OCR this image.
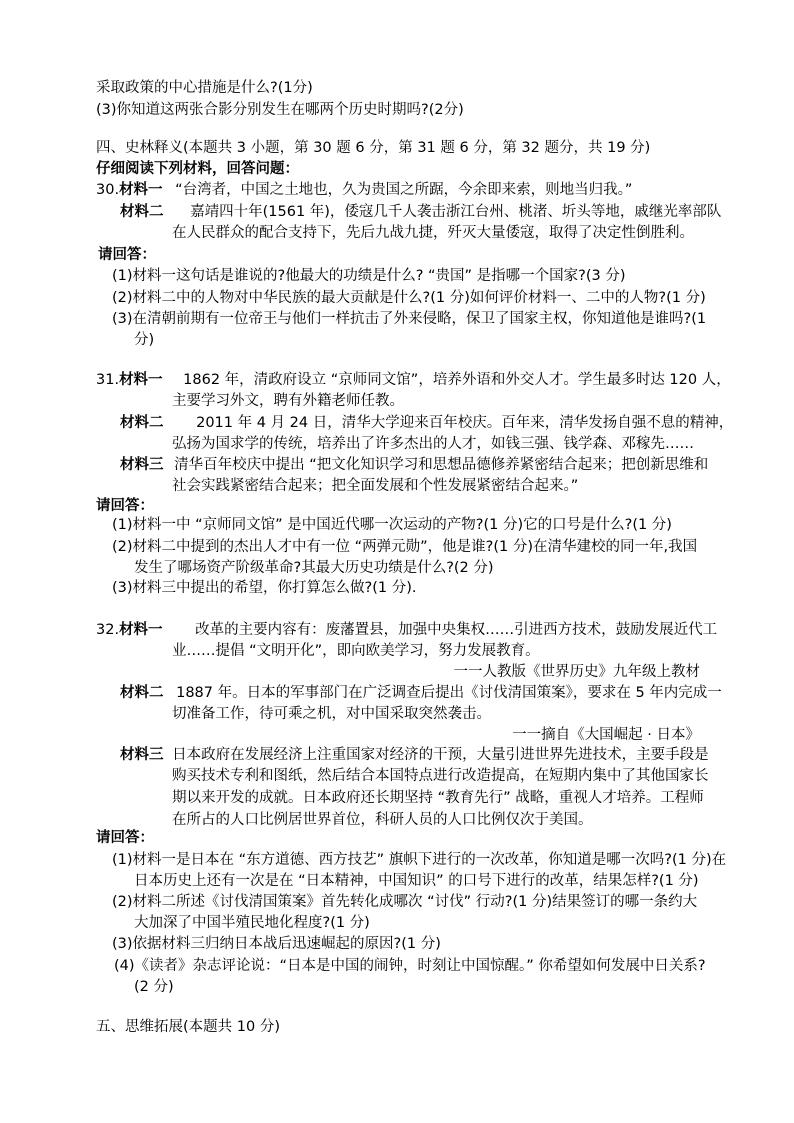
采取政策的中心措施是什么?(1分)
(3)你知道这两张合影分别发生在哪两个历史时期吗?(2分)
四、史林释义(本题共 3 小题，第 30 题 6 分，第 31 题 6 分，第 32 题分，共 19 分)
仔细阅读下列材料，回答问题：
30.材料一 “台湾者，中国之土地也，久为贵国之所踞，今余即来索，则地当归我。”
材料二 嘉靖四十年(1561 年)，倭寇几千人袭击浙江台州、桃渚、圻头等地，戚继光率部队
在人民群众的配合支持下，先后九战九捷，歼灭大量倭寇，取得了决定性倒胜利。
请回答：
(1)材料一这句话是谁说的?他最大的功绩是什么? “贵国” 是指哪一个国家?(3 分)
(2)材料二中的人物对中华民族的最大贡献是什么?(1 分)如何评价材料一、二中的人物?(1 分)
(3)在清朝前期有一位帝王与他们一样抗击了外来侵略，保卫了国家主权，你知道他是谁吗?(1
分)
31.材料一 1862 年，清政府设立 “京师同文馆”，培养外语和外交人才。学生最多时达 120 人，
主要学习外文，聘有外籍老师任教。
材料二 2011 年 4 月 24 日，清华大学迎来百年校庆。百年来，清华发扬自强不息的精神，
弘扬为国求学的传统，培养出了许多杰出的人才，如钱三强、钱学森、邓稼先……
材料三 清华百年校庆中提出 “把文化知识学习和思想品德修养紧密结合起来；把创新思维和
社会实践紧密结合起来；把全面发展和个性发展紧密结合起来。”
请回答：
(1)材料一中 “京师同文馆” 是中国近代哪一次运动的产物?(1 分)它的口号是什么?(1 分)
(2)材料二中提到的杰出人才中有一位 “两弹元勋”，他是谁?(1 分)在清华建校的同一年,我国
发生了哪场资产阶级革命?其最大历史功绩是什么?(2 分)
(3)材料三中提出的希望，你打算怎么做?(1 分).
32.材料一 改革的主要内容有：废藩置县，加强中央集权……引进西方技术，鼓励发展近代工
业……提倡 “文明开化”，即向欧美学习，努力发展教育。
一一人教版《世界历史》九年级上教材
材料二 1887 年。日本的军事部门在广泛调查后提出《讨伐清国策案》，要求在 5 年内完成一
切准备工作，待可乘之机，对中国采取突然袭击。
一一摘自《大国崛起 · 日本》
材料三 日本政府在发展经济上注重国家对经济的干预，大量引进世界先进技术，主要手段是
购买技术专利和图纸，然后结合本国特点进行改造提高，在短期内集中了其他国家长
期以来开发的成就。日本政府还长期坚持 “教育先行” 战略，重视人才培养。工程师
在所占的人口比例居世界首位，科研人员的人口比例仅次于美国。
请回答：
(1)材料一是日本在 “东方道德、西方技艺” 旗帜下进行的一次改革，你知道是哪一次吗?(1 分)在
日本历史上还有一次是在 “日本精神，中国知识” 的口号下进行的改革，结果怎样?(1 分)
(2)材料二所述《讨伐清国策案》首先转化成哪次 “讨伐” 行动?(1 分)结果签订的哪一条约大
大加深了中国半殖民地化程度?(1 分)
(3)依据材料三归纳日本战后迅速崛起的原因?(1 分)
(4)《读者》杂志评论说：“日本是中国的闹钟，时刻让中国惊醒。” 你希望如何发展中日关系?
(2 分)
五、思维拓展(本题共 10 分)
